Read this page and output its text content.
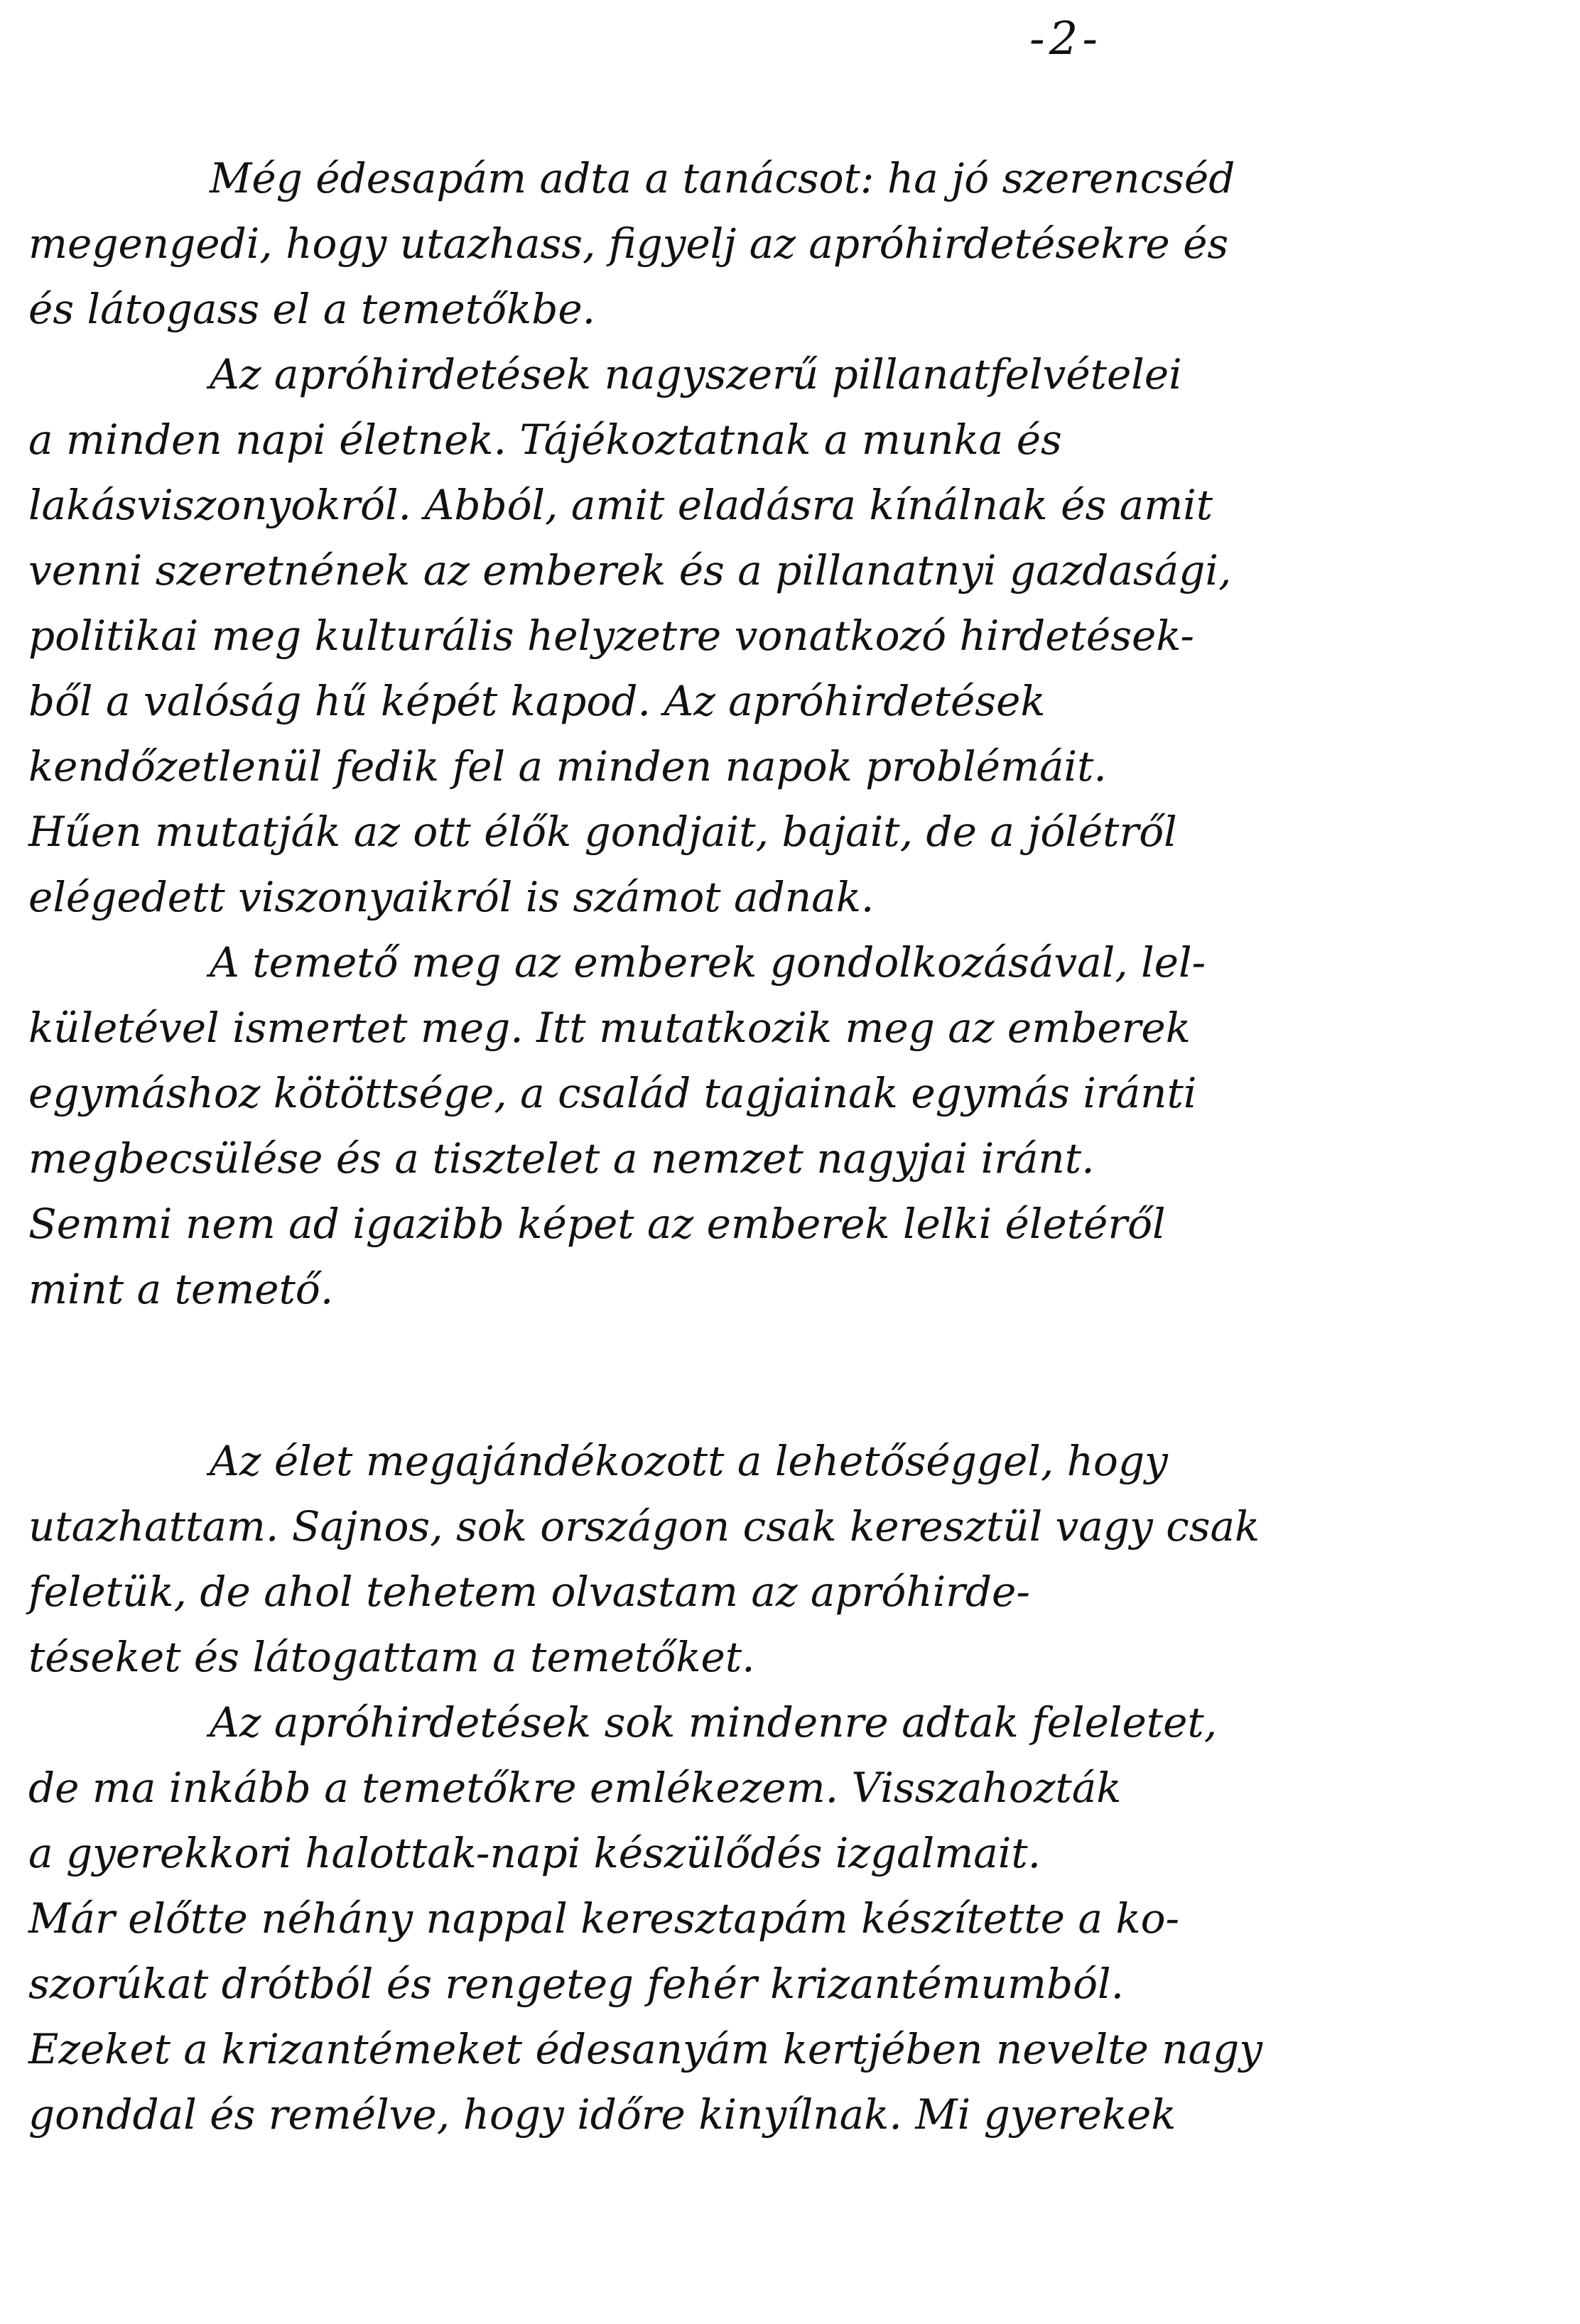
-2-
Még édesapám adta a tanácsot: ha jó szerencséd
megengedi, hogy utazhass, figyelj az apróhirdetésekre és
és látogass el a temetőkbe.
Az apróhirdetések nagyszerű pillanatfelvételei
a minden napi életnek. Tájékoztatnak a munka és
lakásviszonyokról. Abból, amit eladásra kínálnak és amit
venni szeretnének az emberek és a pillanatnyi gazdasági,
politikai meg kulturális helyzetre vonatkozó hirdetések-
ből a valóság hű képét kapod. Az apróhirdetések
kendőzetlenül fedik fel a minden napok problémáit.
Hűen mutatják az ott élők gondjait, bajait, de a jólétről
elégedett viszonyaikról is számot adnak.
A temető meg az emberek gondolkozásával, lel-
kületével ismertet meg. Itt mutatkozik meg az emberek
egymáshoz kötöttsége, a család tagjainak egymás iránti
megbecsülése és a tisztelet a nemzet nagyjai iránt.
Semmi nem ad igazibb képet az emberek lelki életéről
mint a temető.
Az élet megajándékozott a lehetőséggel, hogy
utazhattam. Sajnos, sok országon csak keresztül vagy csak
feletük, de ahol tehetem olvastam az apróhirde-
téseket és látogattam a temetőket.
Az apróhirdetések sok mindenre adtak feleletet,
de ma inkább a temetőkre emlékezem. Visszahozták
a gyerekkori halottak-napi készülődés izgalmait.
Már előtte néhány nappal keresztapám készítette a ko-
szorúkat drótból és rengeteg fehér krizantémumból.
Ezeket a krizantémeket édesanyám kertjében nevelte nagy
gonddal és remélve, hogy időre kinyílnak. Mi gyerekek
